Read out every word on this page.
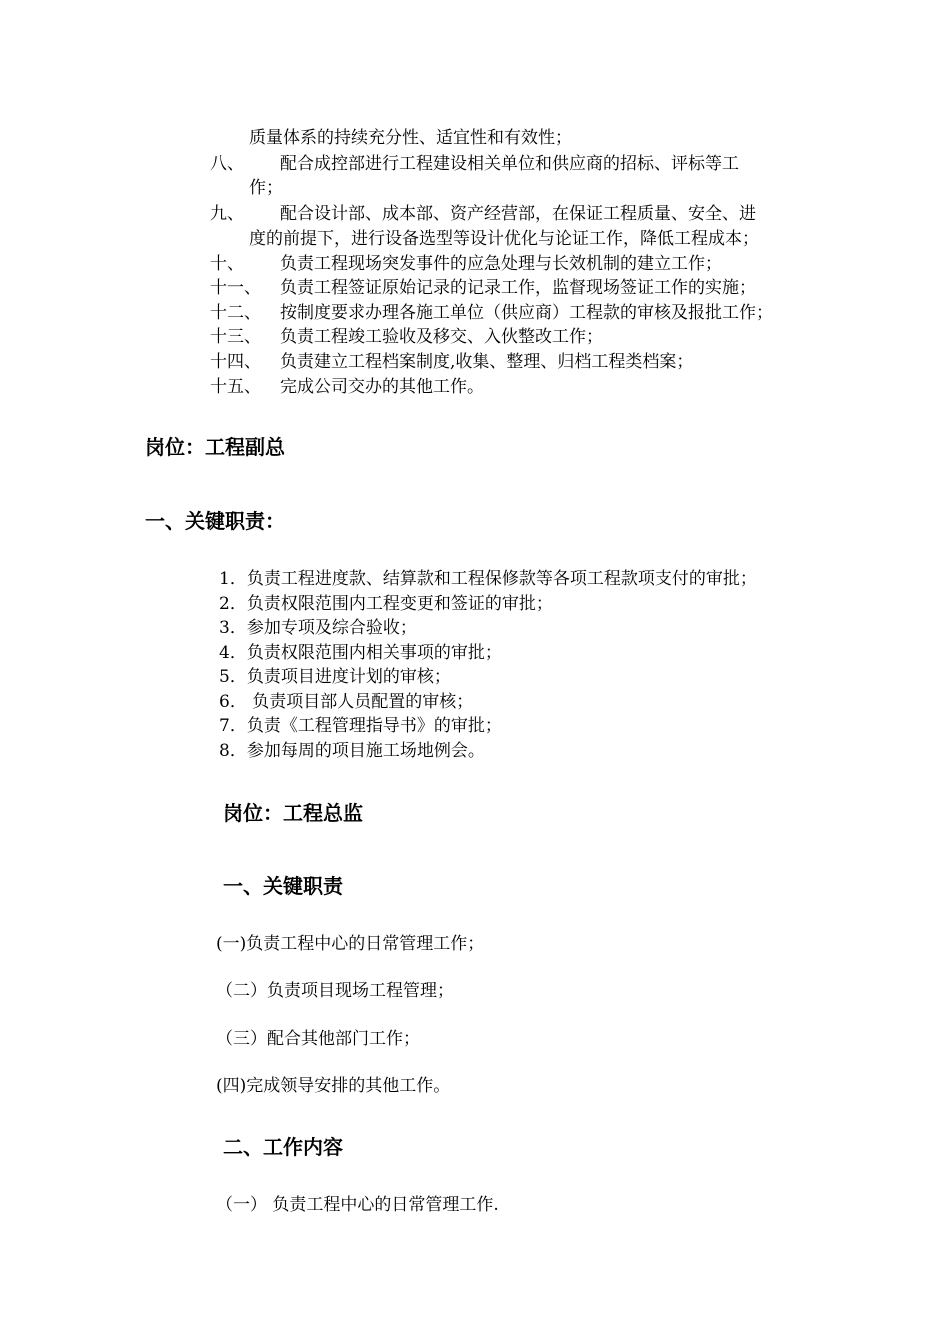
质量体系的持续充分性、适宜性和有效性；
八、 配合成控部进行工程建设相关单位和供应商的招标、评标等工
作；
九、 配合设计部、成本部、资产经营部，在保证工程质量、安全、进
度的前提下，进行设备选型等设计优化与论证工作，降低工程成本；
十、 负责工程现场突发事件的应急处理与长效机制的建立工作；
十一、 负责工程签证原始记录的记录工作，监督现场签证工作的实施；
十二、 按制度要求办理各施工单位（供应商）工程款的审核及报批工作；
十三、 负责工程竣工验收及移交、入伙整改工作；
十四、 负责建立工程档案制度,收集、整理、归档工程类档案；
十五、 完成公司交办的其他工作。
岗位：工程副总
一、关键职责：
1．负责工程进度款、结算款和工程保修款等各项工程款项支付的审批；
2．负责权限范围内工程变更和签证的审批；
3．参加专项及综合验收；
4．负责权限范围内相关事项的审批；
5．负责项目进度计划的审核；
6． 负责项目部人员配置的审核；
7．负责《工程管理指导书》的审批；
8．参加每周的项目施工场地例会。
岗位：工程总监
一、关键职责
(一)负责工程中心的日常管理工作；
（二）负责项目现场工程管理；
（三）配合其他部门工作；
(四)完成领导安排的其他工作。
二、工作内容
（一） 负责工程中心的日常管理工作.
